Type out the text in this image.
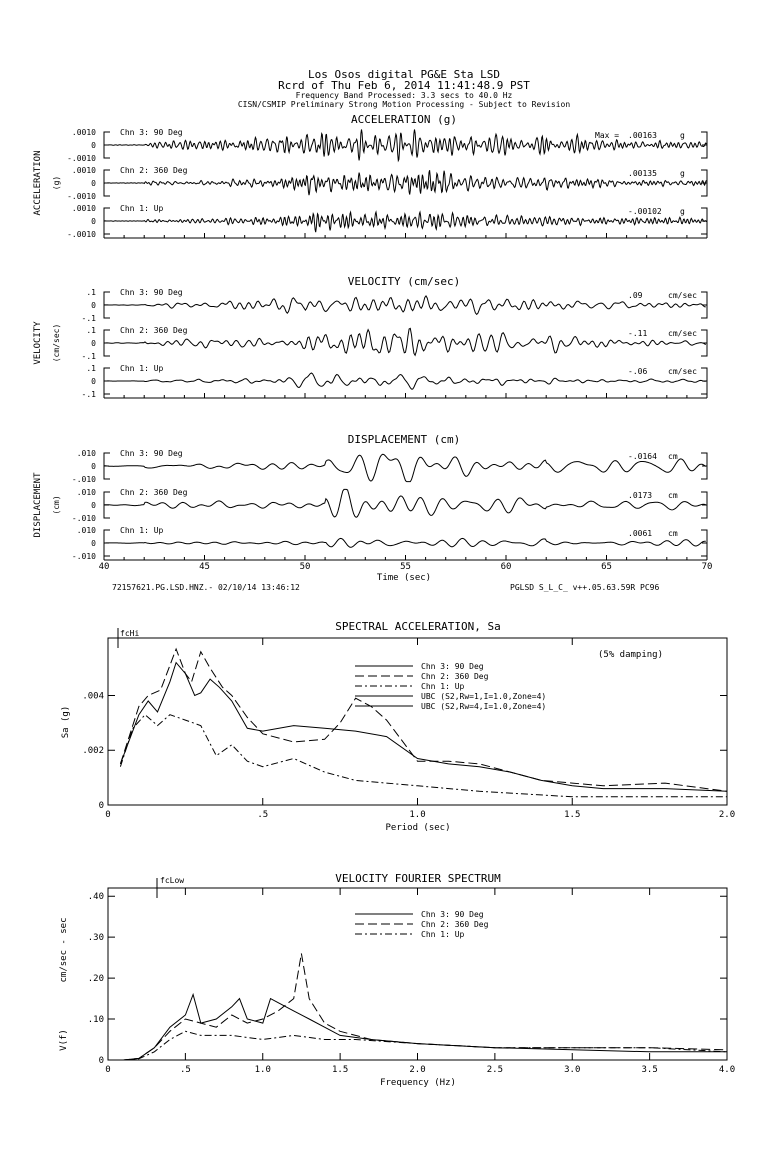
Los Osos digital PG&E Sta LSD
Rcrd of Thu Feb 6, 2014 11:41:48.9 PST
Frequency Band Processed: 3.3 secs to 40.0 Hz
CISN/CSMIP Preliminary Strong Motion Processing - Subject to Revision
ACCELERATION (g)
ACCELERATION (g)
.0010
0
-.0010
Chn 3: 90 Deg	Max = .00163	g
.0010
0
-.0010
Chn 2: 360 Deg	.00135	g
.0010
0
-.0010
Chn 1: Up	-.00102 g
VELOCITY (cm/sec)
VELOCITY (cm/sec)
.1
0
-.1
Chn 3: 90 Deg	.09	cm/sec
.1
0
-.1
Chn 2: 360 Deg	-.11	cm/sec
.1
0
-.1
Chn 1: Up	-.06	cm/sec
DISPLACEMENT (cm)
DISPLACEMENT (cm)
40	45	50	55	60	65	70
Time (sec)
72157621.PG.LSD.HNZ.- 02/10/14 13:46:12	PGLSD S_L_C_ v++.05.63.59R PC96
.010
0
-.010
Chn 3: 90 Deg	-.0164 cm
.010
0
-.010
Chn 2: 360 Deg	.0173 cm
.010
0
-.010
Chn 1: Up	.0061 cm
SPECTRAL ACCELERATION, Sa
Sa (g)
Period (sec)
(5% damping)
fcHi
0	.5	1.0	1.5	2.0
0
.002
.004
Chn 3: 90 Deg
Chn 2: 360 Deg
Chn 1: Up
UBC (S2,Rw=1,I=1.0,Zone=4)
UBC (S2,Rw=4,I=1.0,Zone=4)
VELOCITY FOURIER SPECTRUM
V(f)
cm/sec - sec
Frequency (Hz)
fcLow
0	.5	1.0	1.5	2.0	2.5	3.0	3.5	4.0
0
.10
.20
.30
.40
Chn 3: 90 Deg
Chn 2: 360 Deg
Chn 1: Up
